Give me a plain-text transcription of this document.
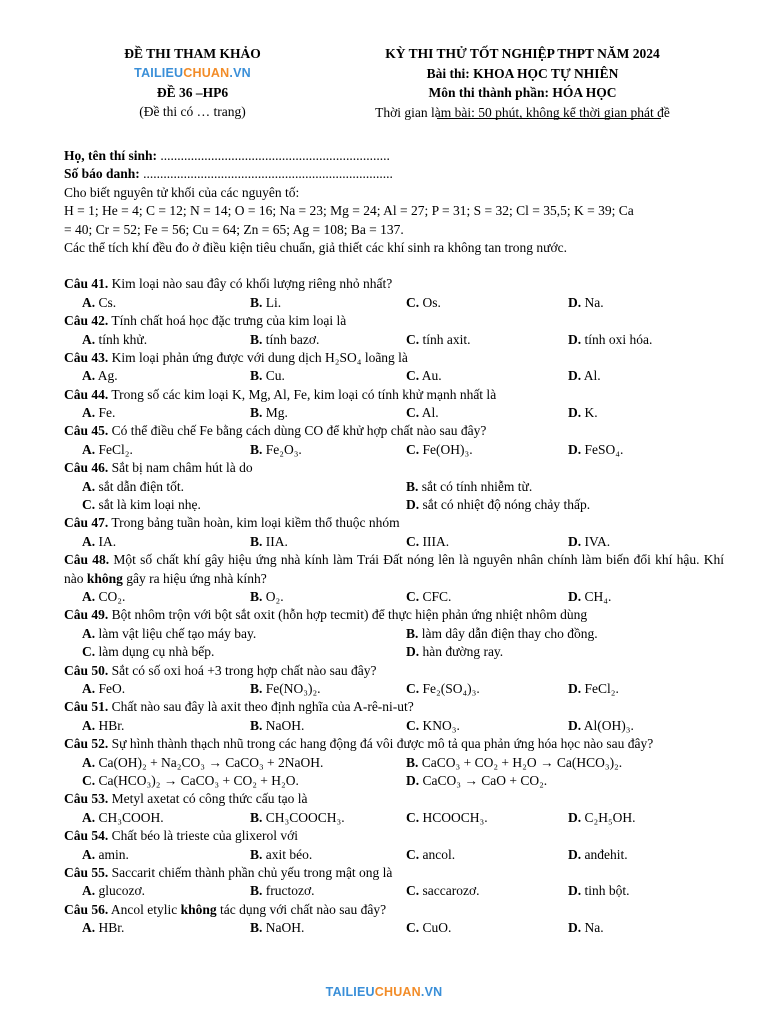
ĐỀ THI THAM KHẢO
TAILIEUCHUAN.VN
ĐỀ 36 –HP6
(Đề thi có … trang)
KỲ THI THỬ TỐT NGHIỆP THPT NĂM 2024
Bài thi: KHOA HỌC TỰ NHIÊN
Môn thi thành phần: HÓA HỌC
Thời gian làm bài: 50 phút, không kể thời gian phát đề
Họ, tên thí sinh: ....................................................................
Số báo danh: ..........................................................................
Cho biết nguyên tử khối của các nguyên tố:
H = 1; He = 4; C = 12; N = 14; O = 16; Na = 23; Mg = 24; Al = 27; P = 31; S = 32; Cl = 35,5; K = 39; Ca
= 40; Cr = 52; Fe = 56; Cu = 64; Zn = 65; Ag = 108; Ba = 137.
Các thể tích khí đều đo ở điều kiện tiêu chuẩn, giả thiết các khí sinh ra không tan trong nước.
Câu 41. Kim loại nào sau đây có khối lượng riêng nhỏ nhất?
A. Cs.	B. Li.	C. Os.	D. Na.
Câu 42. Tính chất hoá học đặc trưng của kim loại là
A. tính khử.	B. tính bazơ.	C. tính axit.	D. tính oxi hóa.
Câu 43. Kim loại phản ứng được với dung dịch H₂SO₄ loãng là
A. Ag.	B. Cu.	C. Au.	D. Al.
Câu 44. Trong số các kim loại K, Mg, Al, Fe, kim loại có tính khử mạnh nhất là
A. Fe.	B. Mg.	C. Al.	D. K.
Câu 45. Có thể điều chế Fe bằng cách dùng CO để khử hợp chất nào sau đây?
A. FeCl₂.	B. Fe₂O₃.	C. Fe(OH)₃.	D. FeSO₄.
Câu 46. Sắt bị nam châm hút là do
A. sắt dẫn điện tốt.	B. sắt có tính nhiễm từ.
C. sắt là kim loại nhẹ.	D. sắt có nhiệt độ nóng chảy thấp.
Câu 47. Trong bảng tuần hoàn, kim loại kiềm thổ thuộc nhóm
A. IA.	B. IIA.	C. IIIA.	D. IVA.
Câu 48. Một số chất khí gây hiệu ứng nhà kính làm Trái Đất nóng lên là nguyên nhân chính làm biến đổi khí hậu. Khí nào không gây ra hiệu ứng nhà kính?
A. CO₂.	B. O₂.	C. CFC.	D. CH₄.
Câu 49. Bột nhôm trộn với bột sắt oxit (hỗn hợp tecmit) để thực hiện phản ứng nhiệt nhôm dùng
A. làm vật liệu chế tạo máy bay.	B. làm dây dẫn điện thay cho đồng.
C. làm dụng cụ nhà bếp.	D. hàn đường ray.
Câu 50. Sắt có số oxi hoá +3 trong hợp chất nào sau đây?
A. FeO.	B. Fe(NO₃)₂.	C. Fe₂(SO₄)₃.	D. FeCl₂.
Câu 51. Chất nào sau đây là axit theo định nghĩa của A-rê-ni-ut?
A. HBr.	B. NaOH.	C. KNO₃.	D. Al(OH)₃.
Câu 52. Sự hình thành thạch nhũ trong các hang động đá vôi được mô tả qua phản ứng hóa học nào sau đây?
A. Ca(OH)₂ + Na₂CO₃ → CaCO₃ + 2NaOH.	B. CaCO₃ + CO₂ + H₂O → Ca(HCO₃)₂.
C. Ca(HCO₃)₂ → CaCO₃ + CO₂ + H₂O.	D. CaCO₃ → CaO + CO₂.
Câu 53. Metyl axetat có công thức cấu tạo là
A. CH₃COOH.	B. CH₃COOCH₃.	C. HCOOCH₃.	D. C₂H₅OH.
Câu 54. Chất béo là trieste của glixerol với
A. amin.	B. axit béo.	C. ancol.	D. anđehit.
Câu 55. Saccarit chiếm thành phần chủ yếu trong mật ong là
A. glucozơ.	B. fructozơ.	C. saccarozơ.	D. tinh bột.
Câu 56. Ancol etylic không tác dụng với chất nào sau đây?
A. HBr.	B. NaOH.	C. CuO.	D. Na.
TAILIEUCHUAN.VN
